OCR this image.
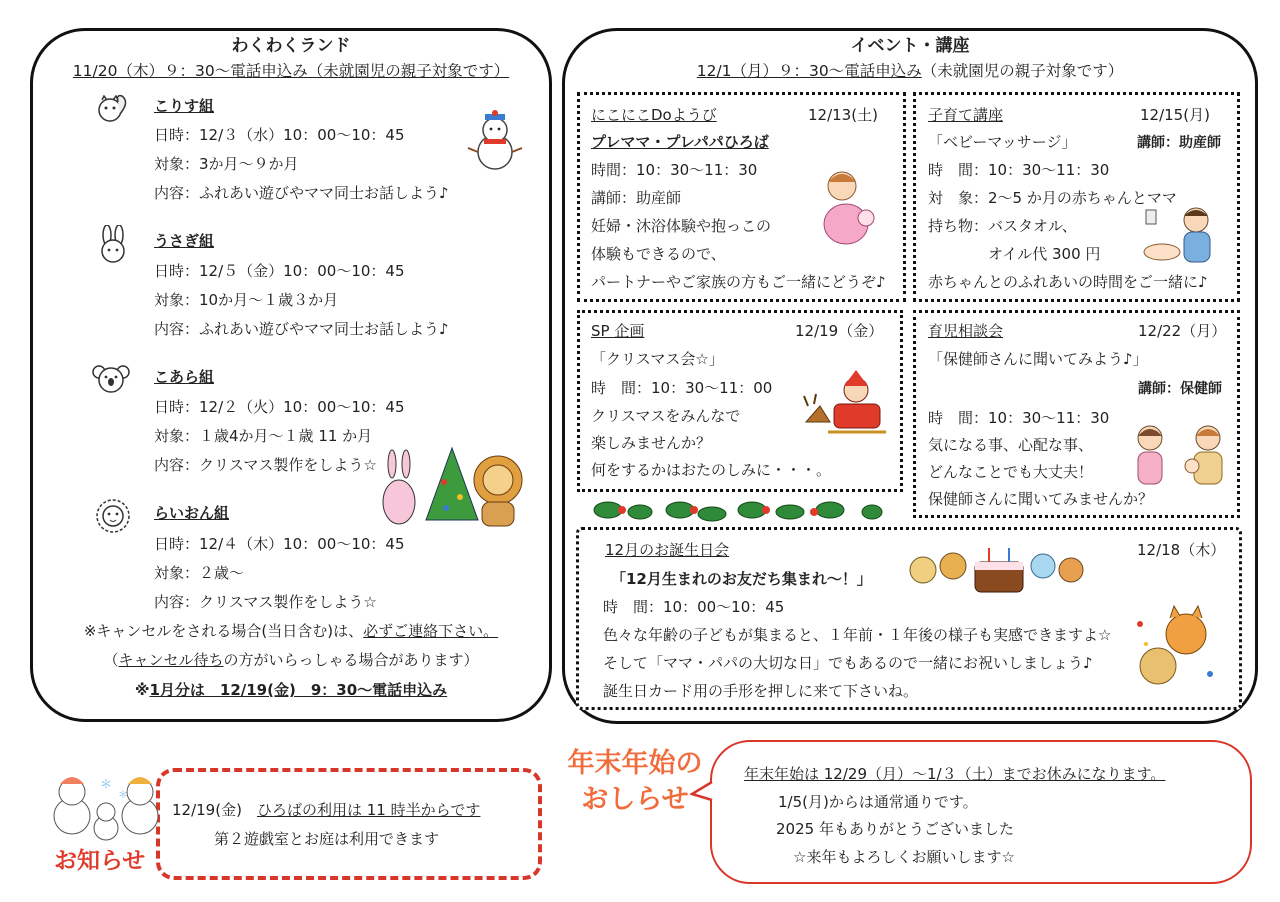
わくわくランド
11/20（木）９：30～電話申込み（未就園児の親子対象です）
こりす組
日時：12/３（水）10：00～10：45
対象：3か月～９か月
内容：ふれあい遊びやママ同士お話しよう♪
うさぎ組
日時：12/５（金）10：00～10：45
対象：10か月～１歳３か月
内容：ふれあい遊びやママ同士お話しよう♪
こあら組
日時：12/２（火）10：00～10：45
対象：１歳4か月～１歳 11 か月
内容：クリスマス製作をしよう☆
らいおん組
日時：12/４（木）10：00～10：45
対象：２歳～
内容：クリスマス製作をしよう☆
※キャンセルをされる場合(当日含む)は、必ずご連絡下さい。
（キャンセル待ちの方がいらっしゃる場合があります）
※1月分は　12/19(金)　9：30～電話申込み
イベント・講座
12/1（月）９：30～電話申込み（未就園児の親子対象です）
にこにこDoようび	12/13(土)
プレママ・プレパパひろば
時間：10：30～11：30
講師：助産師
妊婦・沐浴体験や抱っこの
体験もできるので、
パートナーやご家族の方もご一緒にどうぞ♪
子育て講座	12/15(月)
「ベビーマッサージ」	講師：助産師
時　間：10：30～11：30
対　象：2～5 か月の赤ちゃんとママ
持ち物：バスタオル、
　　　　オイル代 300 円
赤ちゃんとのふれあいの時間をご一緒に♪
SP 企画	12/19（金）
「クリスマス会☆」
時　間：10：30～11：00
クリスマスをみんなで
楽しみませんか？
何をするかはおたのしみに・・・。
育児相談会	12/22（月）
「保健師さんに聞いてみよう♪」
講師：保健師
時　間：10：30～11：30
気になる事、心配な事、
どんなことでも大丈夫！
保健師さんに聞いてみませんか？
12月のお誕生日会	12/18（木）
「12月生まれのお友だち集まれ～！」
時　間：10：00～10：45
色々な年齢の子どもが集まると、１年前・１年後の様子も実感できますよ☆
そして「ママ・パパの大切な日」でもあるので一緒にお祝いしましょう♪
誕生日カード用の手形を押しに来て下さいね。
＊
＊
お知らせ
12/19(金)　 ひろばの利用は 11 時半からです
第２遊戯室とお庭は利用できます
年末年始の
おしらせ
年末年始は 12/29（月）～1/３（土）までお休みになります。
1/5(月)からは通常通りです。
2025 年もありがとうございました
☆来年もよろしくお願いします☆
